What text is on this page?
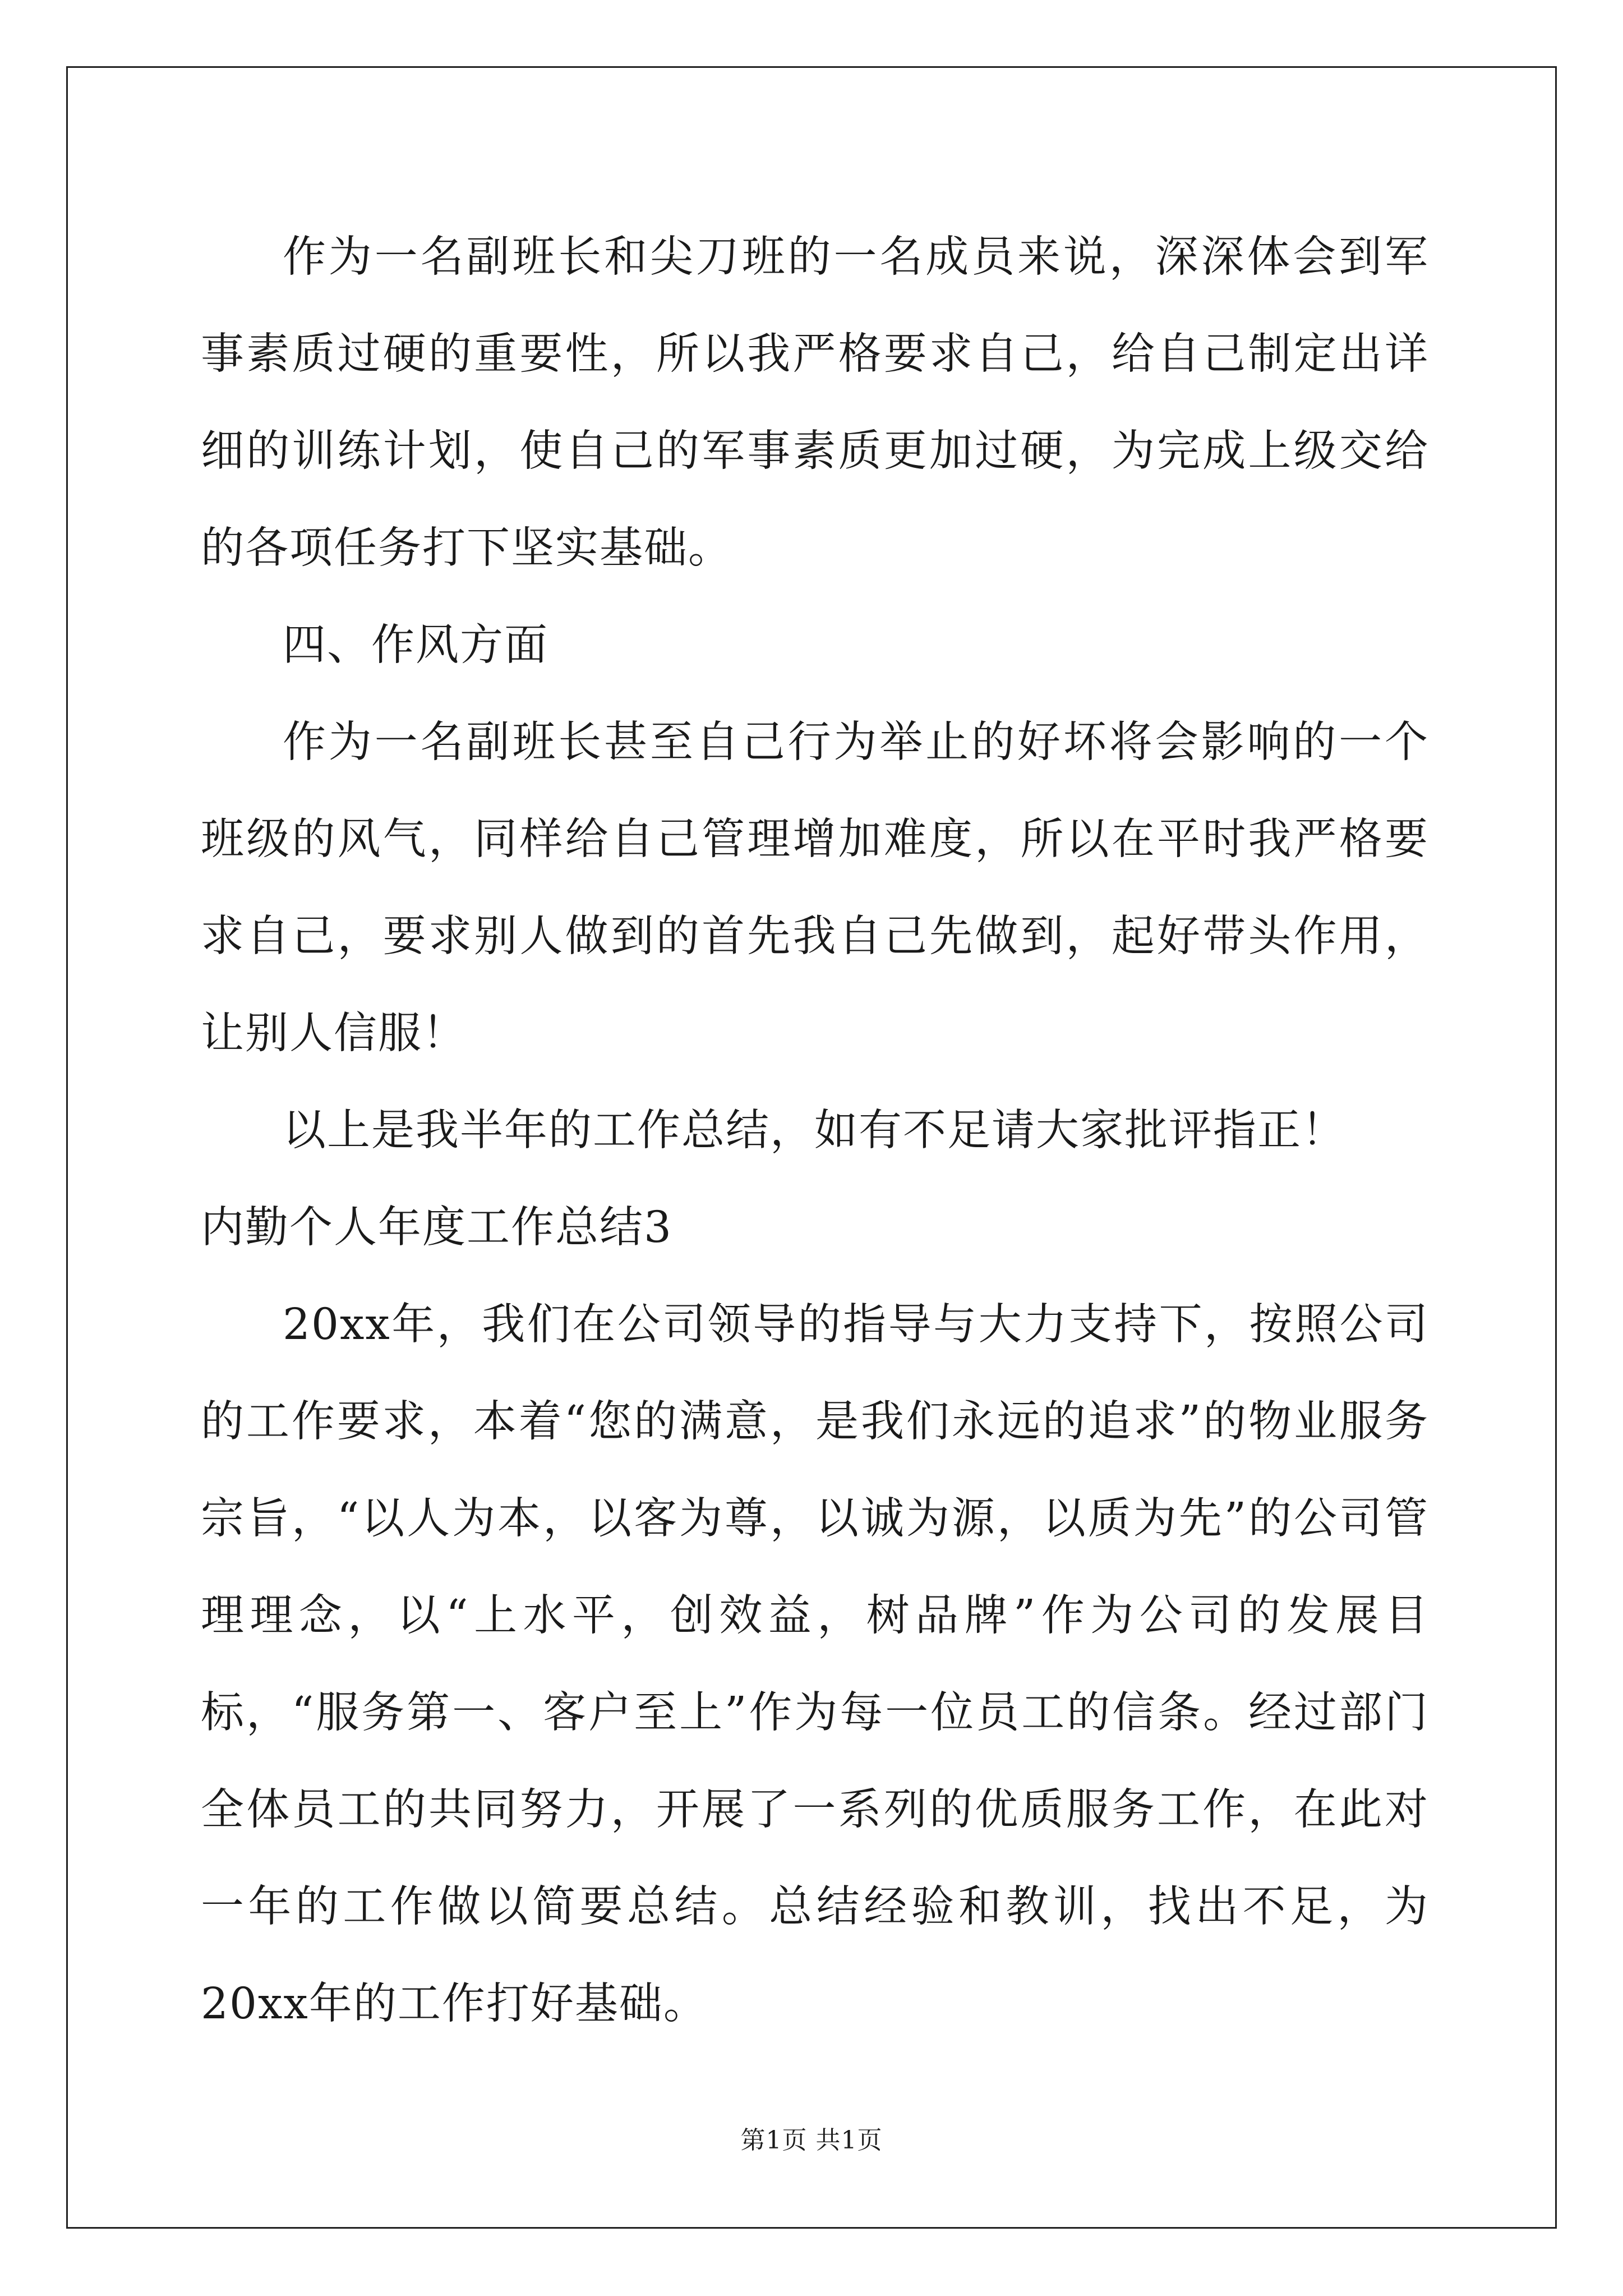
作为一名副班长和尖刀班的一名成员来说，深深体会到军事素质过硬的重要性，所以我严格要求自己，给自己制定出详细的训练计划，使自己的军事素质更加过硬，为完成上级交给的各项任务打下坚实基础。

四、作风方面

作为一名副班长甚至自己行为举止的好坏将会影响的一个班级的风气，同样给自己管理增加难度，所以在平时我严格要求自己，要求别人做到的首先我自己先做到，起好带头作用，让别人信服！

以上是我半年的工作总结，如有不足请大家批评指正！

内勤个人年度工作总结3

20xx年，我们在公司领导的指导与大力支持下，按照公司的工作要求，本着“您的满意，是我们永远的追求”的物业服务宗旨，“以人为本，以客为尊，以诚为源，以质为先”的公司管理理念，以“上水平，创效益，树品牌”作为公司的发展目标，“服务第一、客户至上”作为每一位员工的信条。经过部门全体员工的共同努力，开展了一系列的优质服务工作，在此对一年的工作做以简要总结。总结经验和教训，找出不足，为20xx年的工作打好基础。

第1页 共1页
